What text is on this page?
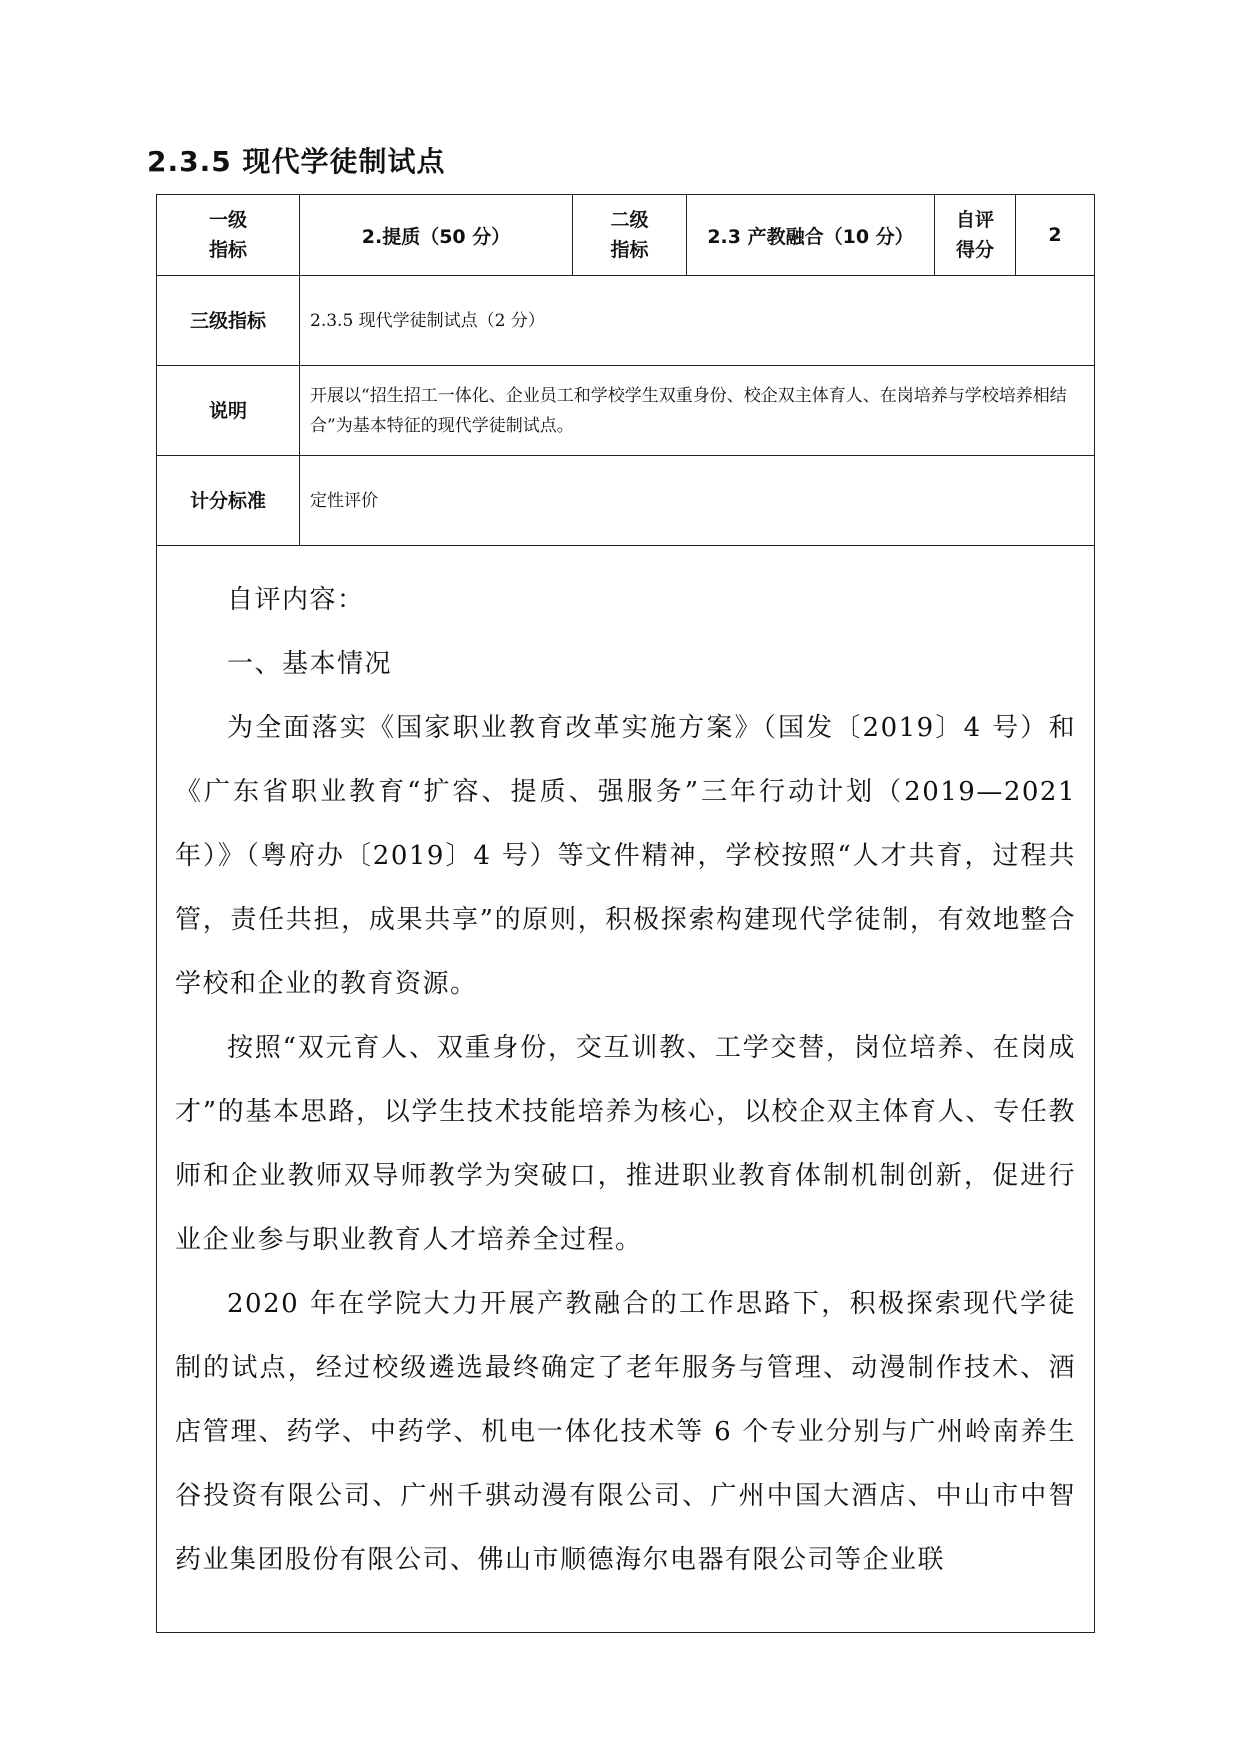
2.3.5 现代学徒制试点
一级指标	2.提质（50 分）	二级指标	2.3 产教融合（10 分）	自评得分	2
三级指标	2.3.5 现代学徒制试点（2 分）				
说明	开展以“招生招工一体化、企业员工和学校学生双重身份、校企双主体育人、在岗培养与学校培养相结合”为基本特征的现代学徒制试点。				
计分标准	定性评价				

自评内容：

一、基本情况

为全面落实《国家职业教育改革实施方案》（国发〔2019〕4 号）和《广东省职业教育“扩容、提质、强服务”三年行动计划（2019—2021年）》（粤府办〔2019〕4 号）等文件精神，学校按照“人才共育，过程共管，责任共担，成果共享”的原则，积极探索构建现代学徒制，有效地整合学校和企业的教育资源。

按照“双元育人、双重身份，交互训教、工学交替，岗位培养、在岗成才”的基本思路，以学生技术技能培养为核心，以校企双主体育人、专任教师和企业教师双导师教学为突破口，推进职业教育体制机制创新，促进行业企业参与职业教育人才培养全过程。

2020 年在学院大力开展产教融合的工作思路下，积极探索现代学徒制的试点，经过校级遴选最终确定了老年服务与管理、动漫制作技术、酒店管理、药学、中药学、机电一体化技术等 6 个专业分别与广州岭南养生谷投资有限公司、广州千骐动漫有限公司、广州中国大酒店、中山市中智药业集团股份有限公司、佛山市顺德海尔电器有限公司等企业联					
